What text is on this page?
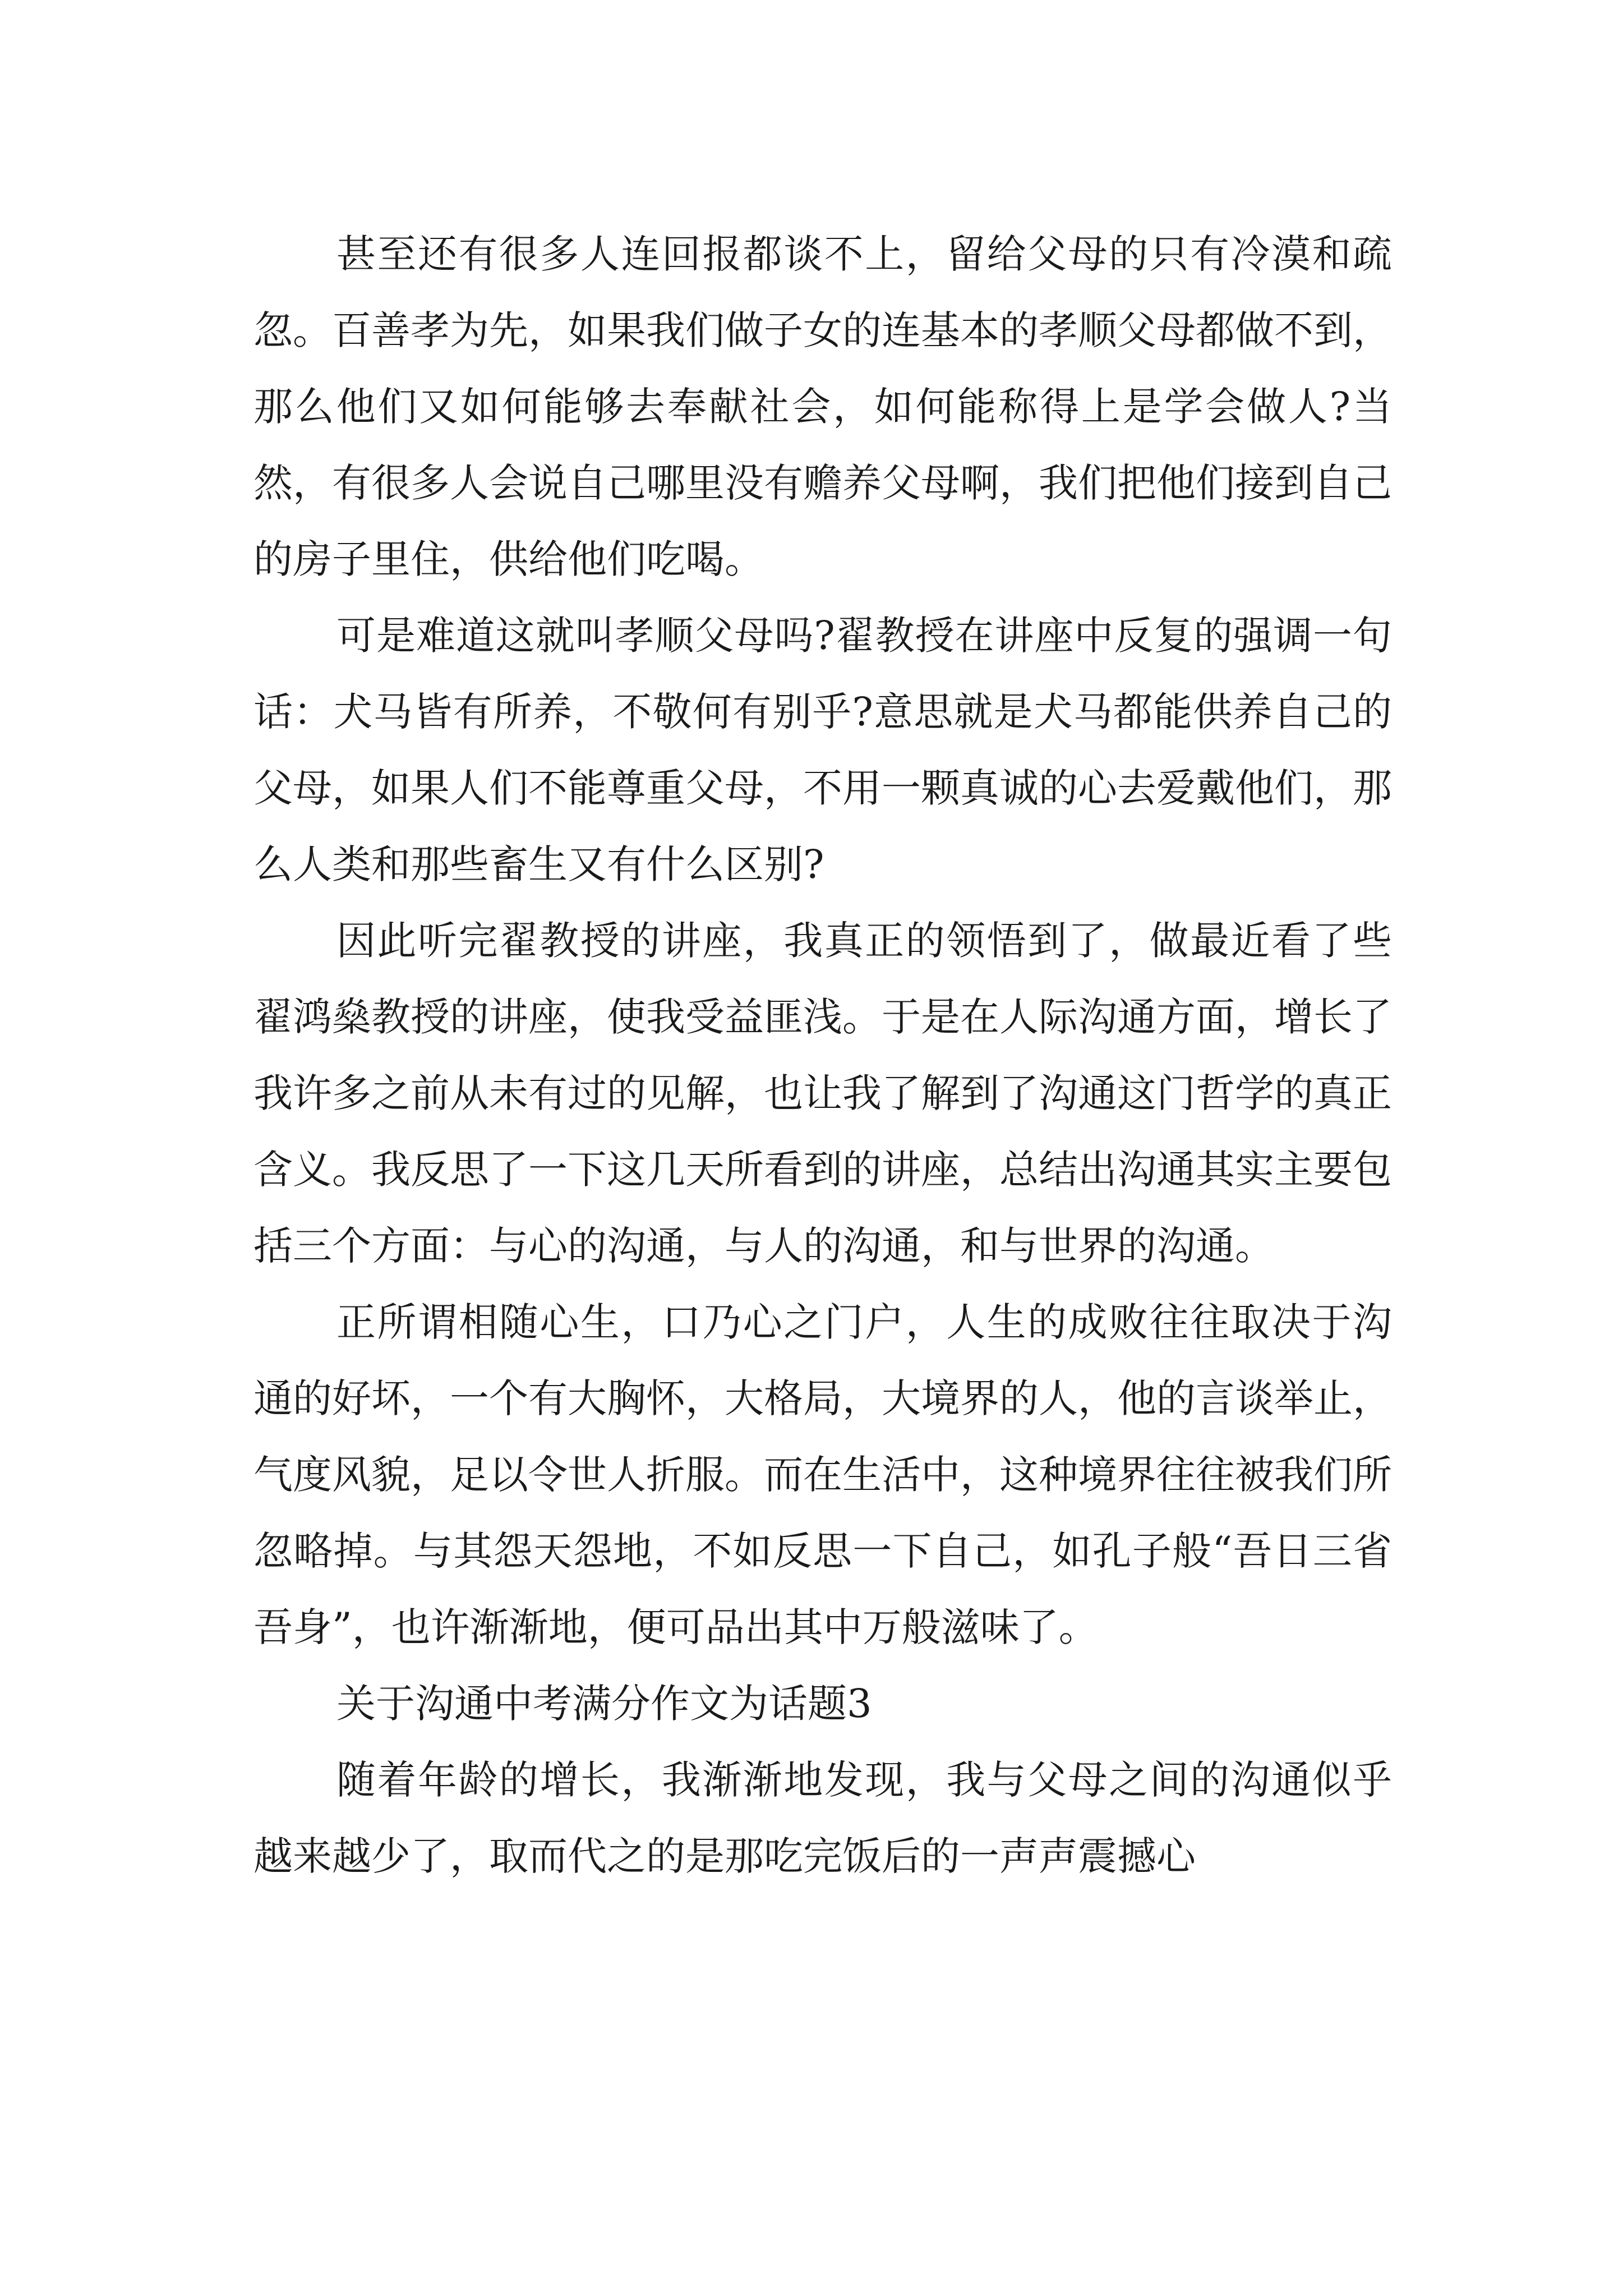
甚至还有很多人连回报都谈不上，留给父母的只有冷漠和疏忽。百善孝为先，如果我们做子女的连基本的孝顺父母都做不到，那么他们又如何能够去奉献社会，如何能称得上是学会做人?当然，有很多人会说自己哪里没有赡养父母啊，我们把他们接到自己的房子里住，供给他们吃喝。

可是难道这就叫孝顺父母吗?翟教授在讲座中反复的强调一句话：犬马皆有所养，不敬何有别乎?意思就是犬马都能供养自己的父母，如果人们不能尊重父母，不用一颗真诚的心去爱戴他们，那么人类和那些畜生又有什么区别?

因此听完翟教授的讲座，我真正的领悟到了，做最近看了些翟鸿燊教授的讲座，使我受益匪浅。于是在人际沟通方面，增长了我许多之前从未有过的见解，也让我了解到了沟通这门哲学的真正含义。我反思了一下这几天所看到的讲座，总结出沟通其实主要包括三个方面：与心的沟通，与人的沟通，和与世界的沟通。

正所谓相随心生，口乃心之门户，人生的成败往往取决于沟通的好坏，一个有大胸怀，大格局，大境界的人，他的言谈举止，气度风貌，足以令世人折服。而在生活中，这种境界往往被我们所忽略掉。与其怨天怨地，不如反思一下自己，如孔子般“吾日三省吾身”，也许渐渐地，便可品出其中万般滋味了。

关于沟通中考满分作文为话题3

随着年龄的增长，我渐渐地发现，我与父母之间的沟通似乎越来越少了，取而代之的是那吃完饭后的一声声震撼心
